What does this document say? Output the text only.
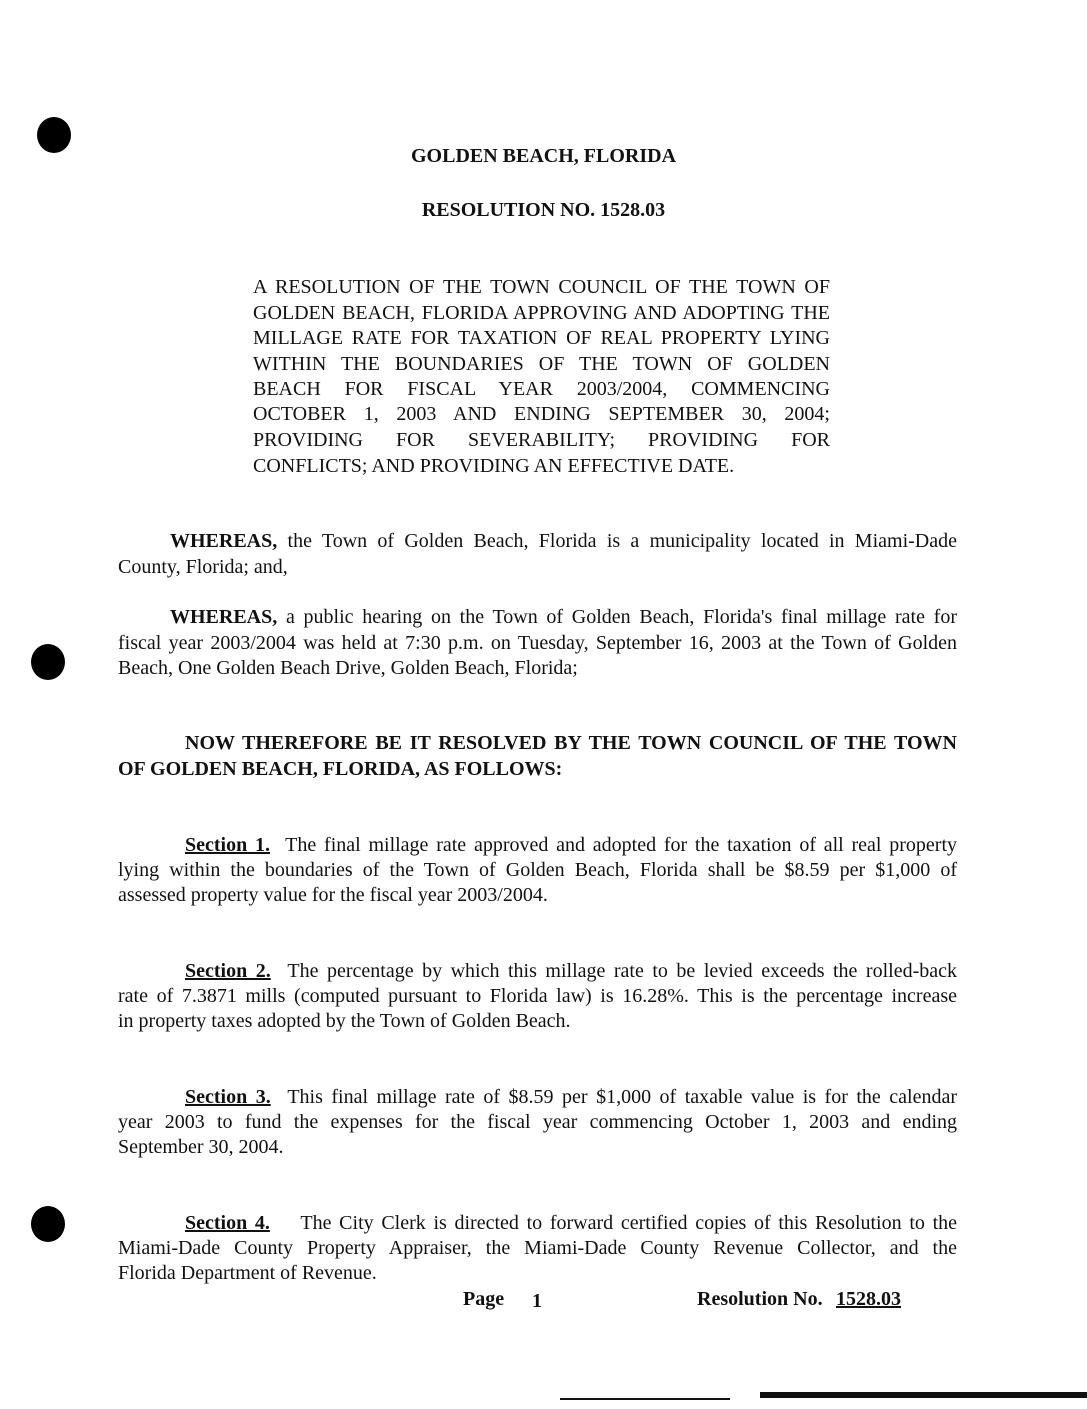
GOLDEN BEACH, FLORIDA
RESOLUTION NO. 1528.03
A RESOLUTION OF THE TOWN COUNCIL OF THE TOWN OF
GOLDEN BEACH, FLORIDA APPROVING AND ADOPTING THE
MILLAGE RATE FOR TAXATION OF REAL PROPERTY LYING
WITHIN THE BOUNDARIES OF THE TOWN OF GOLDEN
BEACH FOR FISCAL YEAR 2003/2004, COMMENCING
OCTOBER 1, 2003 AND ENDING SEPTEMBER 30, 2004;
PROVIDING FOR SEVERABILITY; PROVIDING FOR
CONFLICTS; AND PROVIDING AN EFFECTIVE DATE.
WHEREAS, the Town of Golden Beach, Florida is a municipality located in Miami-Dade
County, Florida; and,
WHEREAS, a public hearing on the Town of Golden Beach, Florida's final millage rate for
fiscal year 2003/2004 was held at 7:30 p.m. on Tuesday, September 16, 2003 at the Town of Golden
Beach, One Golden Beach Drive, Golden Beach, Florida;
NOW THEREFORE BE IT RESOLVED BY THE TOWN COUNCIL OF THE TOWN
OF GOLDEN BEACH, FLORIDA, AS FOLLOWS:
Section 1. The final millage rate approved and adopted for the taxation of all real property
lying within the boundaries of the Town of Golden Beach, Florida shall be $8.59 per $1,000 of
assessed property value for the fiscal year 2003/2004.
Section 2. The percentage by which this millage rate to be levied exceeds the rolled-back
rate of 7.3871 mills (computed pursuant to Florida law) is 16.28%. This is the percentage increase
in property taxes adopted by the Town of Golden Beach.
Section 3. This final millage rate of $8.59 per $1,000 of taxable value is for the calendar
year 2003 to fund the expenses for the fiscal year commencing October 1, 2003 and ending
September 30, 2004.
Section 4. The City Clerk is directed to forward certified copies of this Resolution to the
Miami-Dade County Property Appraiser, the Miami-Dade County Revenue Collector, and the
Florida Department of Revenue.
Page 1	Resolution No. 1528.03
